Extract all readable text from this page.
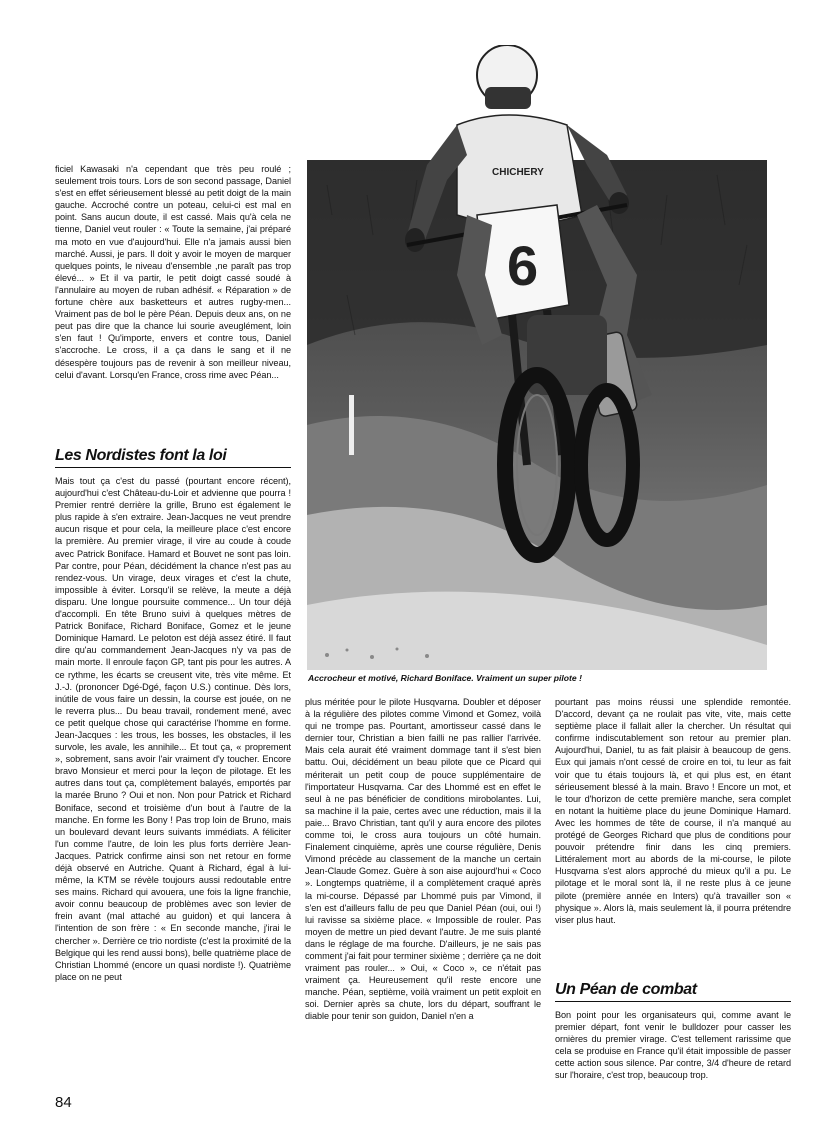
CHICHERY
6
Accrocheur et motivé, Richard Boniface. Vraiment un super pilote !

ficiel Kawasaki n'a cependant que très peu roulé ; seulement trois tours. Lors de son second passage, Daniel s'est en effet sérieusement blessé au petit doigt de la main gauche. Accroché contre un poteau, celui-ci est mal en point. Sans aucun doute, il est cassé. Mais qu'à cela ne tienne, Daniel veut rouler : « Toute la semaine, j'ai préparé ma moto en vue d'aujourd'hui. Elle n'a jamais aussi bien marché. Aussi, je pars. Il doit y avoir le moyen de marquer quelques points, le niveau d'ensemble ,ne paraît pas trop élevé... » Et il va partir, le petit doigt cassé soudé à l'annulaire au moyen de ruban adhésif. « Réparation » de fortune chère aux basketteurs et autres rugby-men... Vraiment pas de bol le père Péan. Depuis deux ans, on ne peut pas dire que la chance lui sourie aveuglément, loin s'en faut ! Qu'importe, envers et contre tous, Daniel s'accroche. Le cross, il a ça dans le sang et il ne désespère toujours pas de revenir à son meilleur niveau, celui d'avant. Lorsqu'en France, cross rime avec Péan...

Les Nordistes font la loi

Mais tout ça c'est du passé (pourtant encore récent), aujourd'hui c'est Château-du-Loir et advienne que pourra ! Premier rentré derrière la grille, Bruno est également le plus rapide à s'en extraire. Jean-Jacques ne veut prendre aucun risque et pour cela, la meilleure place c'est encore la première. Au premier virage, il vire au coude à coude avec Patrick Boniface. Hamard et Bouvet ne sont pas loin. Par contre, pour Péan, décidément la chance n'est pas au rendez-vous. Un virage, deux virages et c'est la chute, impossible à éviter. Lorsqu'il se relève, la meute a déjà disparu. Une longue poursuite commence... Un tour déjà d'accompli. En tête Bruno suivi à quelques mètres de Patrick Boniface, Richard Boniface, Gomez et le jeune Dominique Hamard. Le peloton est déjà assez étiré. Il faut dire qu'au commandement Jean-Jacques n'y va pas de main morte. Il enroule façon GP, tant pis pour les autres. A ce rythme, les écarts se creusent vite, très vite même. Et J.-J. (prononcer Dgé-Dgé, façon U.S.) continue. Dès lors, inútile de vous faire un dessin, la course est jouée, on ne le reverra plus... Du beau travail, rondement mené, avec ce petit quelque chose qui caractérise l'homme en forme. Jean-Jacques : les trous, les bosses, les obstacles, il les survole, les avale, les annihile... Et tout ça, « proprement », sobrement, sans avoir l'air vraiment d'y toucher. Encore bravo Monsieur et merci pour la leçon de pilotage. Et les autres dans tout ça, complètement balayés, emportés par la marée Bruno ? Oui et non. Non pour Patrick et Richard Boniface, second et troisième d'un bout à l'autre de la manche. En forme les Bony ! Pas trop loin de Bruno, mais un boulevard devant leurs suivants immédiats. A féliciter l'un comme l'autre, de loin les plus forts derrière Jean-Jacques. Patrick confirme ainsi son net retour en forme déjà observé en Autriche. Quant à Richard, égal à lui-même, la KTM se révèle toujours aussi redoutable entre ses mains. Richard qui avouera, une fois la ligne franchie, avoir connu beaucoup de problèmes avec son levier de frein avant (mal attaché au guidon) et qui lancera à l'intention de son frère : « En seconde manche, j'irai le chercher ». Derrière ce trio nordiste (c'est la proximité de la Belgique qui les rend aussi bons), belle quatrième place de Christian Lhommé (encore un quasi nordiste !). Quatrième place on ne peut

plus méritée pour le pilote Husqvarna. Doubler et déposer à la régulière des pilotes comme Vimond et Gomez, voilà qui ne trompe pas. Pourtant, amortisseur cassé dans le dernier tour, Christian a bien failli ne pas rallier l'arrivée. Mais cela aurait été vraiment dommage tant il s'est bien battu. Oui, décidément un beau pilote que ce Picard qui mériterait un petit coup de pouce supplémentaire de l'importateur Husqvarna. Car des Lhommé est en effet le seul à ne pas bénéficier de conditions mirobolantes. Lui, sa machine il la paie, certes avec une réduction, mais il la paie... Bravo Christian, tant qu'il y aura encore des pilotes comme toi, le cross aura toujours un côté humain. Finalement cinquième, après une course régulière, Denis Vimond précède au classement de la manche un certain Jean-Claude Gomez. Guère à son aise aujourd'hui « Coco ». Longtemps quatrième, il a complètement craqué après la mi-course. Dépassé par Lhommé puis par Vimond, il s'en est d'ailleurs fallu de peu que Daniel Péan (oui, oui !) lui ravisse sa sixième place. « Impossible de rouler. Pas moyen de mettre un pied devant l'autre. Je me suis planté dans le réglage de ma fourche. D'ailleurs, je ne sais pas comment j'ai fait pour terminer sixième ; derrière ça ne doit vraiment pas rouler... » Oui, « Coco », ce n'était pas vraiment ça. Heureusement qu'il reste encore une manche. Péan, septième, voilà vraiment un petit exploit en soi. Dernier après sa chute, lors du départ, souffrant le diable pour tenir son guidon, Daniel n'en a

pourtant pas moins réussi une splendide remontée. D'accord, devant ça ne roulait pas vite, vite, mais cette septième place il fallait aller la chercher. Un résultat qui confirme indiscutablement son retour au premier plan. Aujourd'hui, Daniel, tu as fait plaisir à beaucoup de gens. Eux qui jamais n'ont cessé de croire en toi, tu leur as fait voir que tu étais toujours là, et qui plus est, en étant sérieusement blessé à la main. Bravo ! Encore un mot, et le tour d'horizon de cette première manche, sera complet en notant la huitième place du jeune Dominique Hamard. Avec les hommes de tête de course, il n'a manqué au protégé de Georges Richard que plus de conditions pour pouvoir prétendre finir dans les cinq premiers. Littéralement mort au abords de la mi-course, le pilote Husqvarna s'est alors approché du mieux qu'il a pu. Le pilotage et le moral sont là, il ne reste plus à ce jeune pilote (première année en Inters) qu'à travailler son « physique ». Alors là, mais seulement là, il pourra prétendre viser plus haut.

Un Péan de combat

Bon point pour les organisateurs qui, comme avant le premier départ, font venir le bulldozer pour casser les ornières du premier virage. C'est tellement rarissime que cela se produise en France qu'il était impossible de passer cette action sous silence. Par contre, 3/4 d'heure de retard sur l'horaire, c'est trop, beaucoup trop.

84
